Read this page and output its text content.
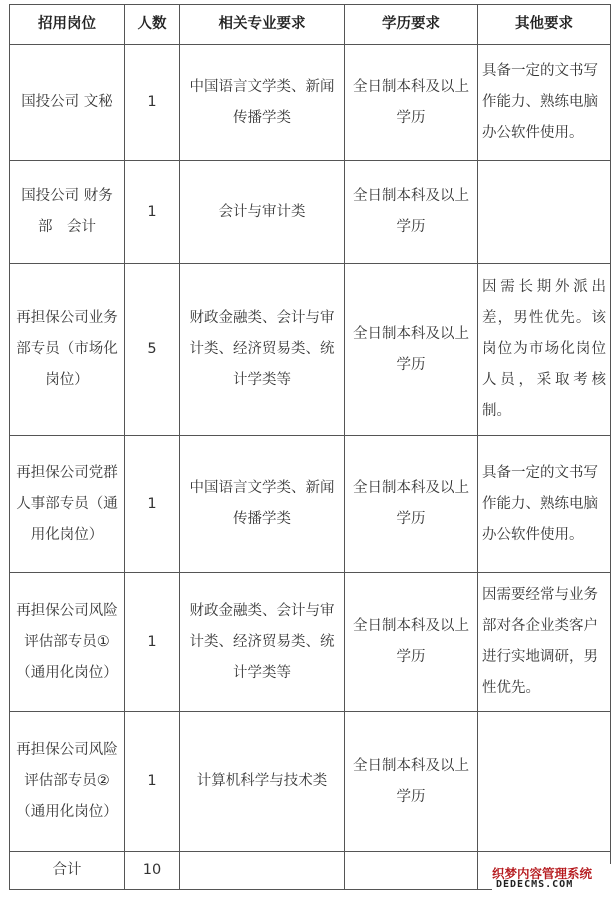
招用岗位	人数	相关专业要求	学历要求	其他要求
国投公司 文秘	1	中国语言文学类、新闻传播学类	全日制本科及以上学历	具备一定的文书写作能力、熟练电脑办公软件使用。
国投公司 财务部　会计	1	会计与审计类	全日制本科及以上学历	
再担保公司业务部专员（市场化岗位）	5	财政金融类、会计与审计类、经济贸易类、统计学类等	全日制本科及以上学历	因需长期外派出差，男性优先。该岗位为市场化岗位人员，采取考核制。
再担保公司党群人事部专员（通用化岗位）	1	中国语言文学类、新闻传播学类	全日制本科及以上学历	具备一定的文书写作能力、熟练电脑办公软件使用。
再担保公司风险评估部专员①（通用化岗位）	1	财政金融类、会计与审计类、经济贸易类、统计学类等	全日制本科及以上学历	因需要经常与业务部对各企业类客户进行实地调研，男性优先。
再担保公司风险评估部专员②（通用化岗位）	1	计算机科学与技术类	全日制本科及以上学历	
合计	10				织梦内容管理系统
DEDECMS.COM
